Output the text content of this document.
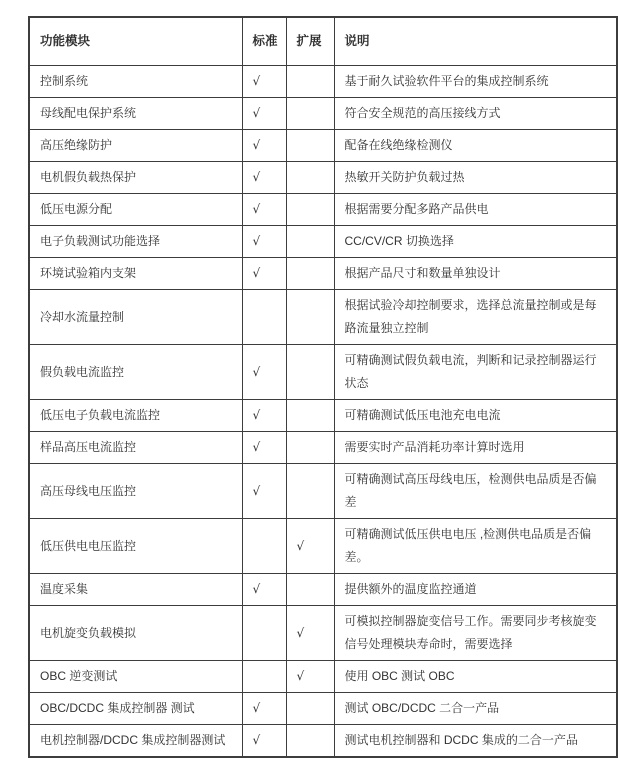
功能模块	标准	扩展	说明
控制系统	√		基于耐久试验软件平台的集成控制系统
母线配电保护系统	√		符合安全规范的高压接线方式
高压绝缘防护	√		配备在线绝缘检测仪
电机假负载热保护	√		热敏开关防护负载过热
低压电源分配	√		根据需要分配多路产品供电
电子负载测试功能选择	√		CC/CV/CR 切换选择
环境试验箱内支架	√		根据产品尺寸和数量单独设计
冷却水流量控制			根据试验冷却控制要求，选择总流量控制或是每路流量独立控制
假负载电流监控	√		可精确测试假负载电流，判断和记录控制器运行状态
低压电子负载电流监控	√		可精确测试低压电池充电电流
样品高压电流监控	√		需要实时产品消耗功率计算时选用
高压母线电压监控	√		可精确测试高压母线电压，检测供电品质是否偏差
低压供电电压监控		√	可精确测试低压供电电压 ,检测供电品质是否偏差。
温度采集	√		提供额外的温度监控通道
电机旋变负载模拟		√	可模拟控制器旋变信号工作。需要同步考核旋变信号处理模块寿命时，需要选择
OBC 逆变测试		√	使用 OBC 测试 OBC
OBC/DCDC 集成控制器 测试	√		测试 OBC/DCDC 二合一产品
电机控制器/DCDC 集成控制器测试	√		测试电机控制器和 DCDC 集成的二合一产品
